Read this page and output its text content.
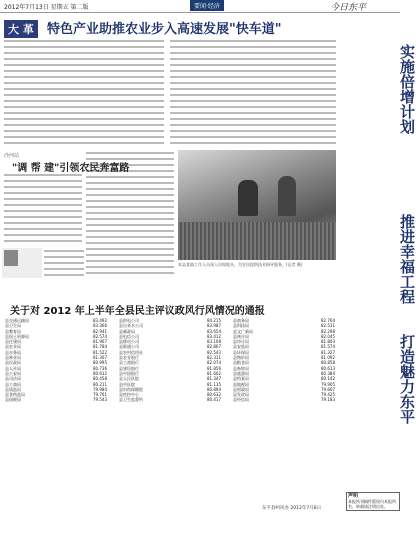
2012年7月13日 星期五 第二版	要闻·经济	今日东平
大 革 特色产业助推农业步入高速发展"快车道"
沙河站
"调 帮 建"引领农民奔富路
本县某镇工作人员深入田间地头，为农民提供技术指导服务。(记者 摄)
关于对 2012 年上半年全县民主评议政风行风情况的通报
县交通运输局	83.492
县卫生局	83.366
县教育局	82.941
县国土资源局	82.574
县住建局	81.967
县农业局	81.784
县水务局	81.522
县林业局	81.307
县民政局	80.995
县人社局	80.736
县公安局	80.612
县司法局	80.458
县工商局	80.211
县质监局	79.984
县食药监局	79.761
县国税局	79.543
县供电公司	84.215
县自来水公司	83.987
县邮政局	83.654
县电信公司	83.412
县移动公司	83.108
县联通公司	82.867
县农村信用社	82.543
县农业银行	82.311
县工商银行	82.074
县建设银行	81.856
县中国银行	81.602
县人民医院	81.347
县中医院	81.115
县妇幼保健院	80.894
县疾控中心	80.632
县卫生监督所	80.417
县商务局	82.764
县科技局	82.531
县文广新局	82.298
县统计局	82.045
县审计局	81.803
县安监局	81.574
县环保局	81.327
县物价局	81.092
县粮食局	80.858
县畜牧局	80.613
县旅游局	80.384
县档案局	80.142
县地税局	79.905
县财政局	79.667
县发改局	79.425
县经信局	79.183
东平县纠风办 2012年7月8日
实施倍增计划
推进幸福工程
打造魅力东平
声明
本报所刊稿件版权归本报所有，转载请注明出处。
